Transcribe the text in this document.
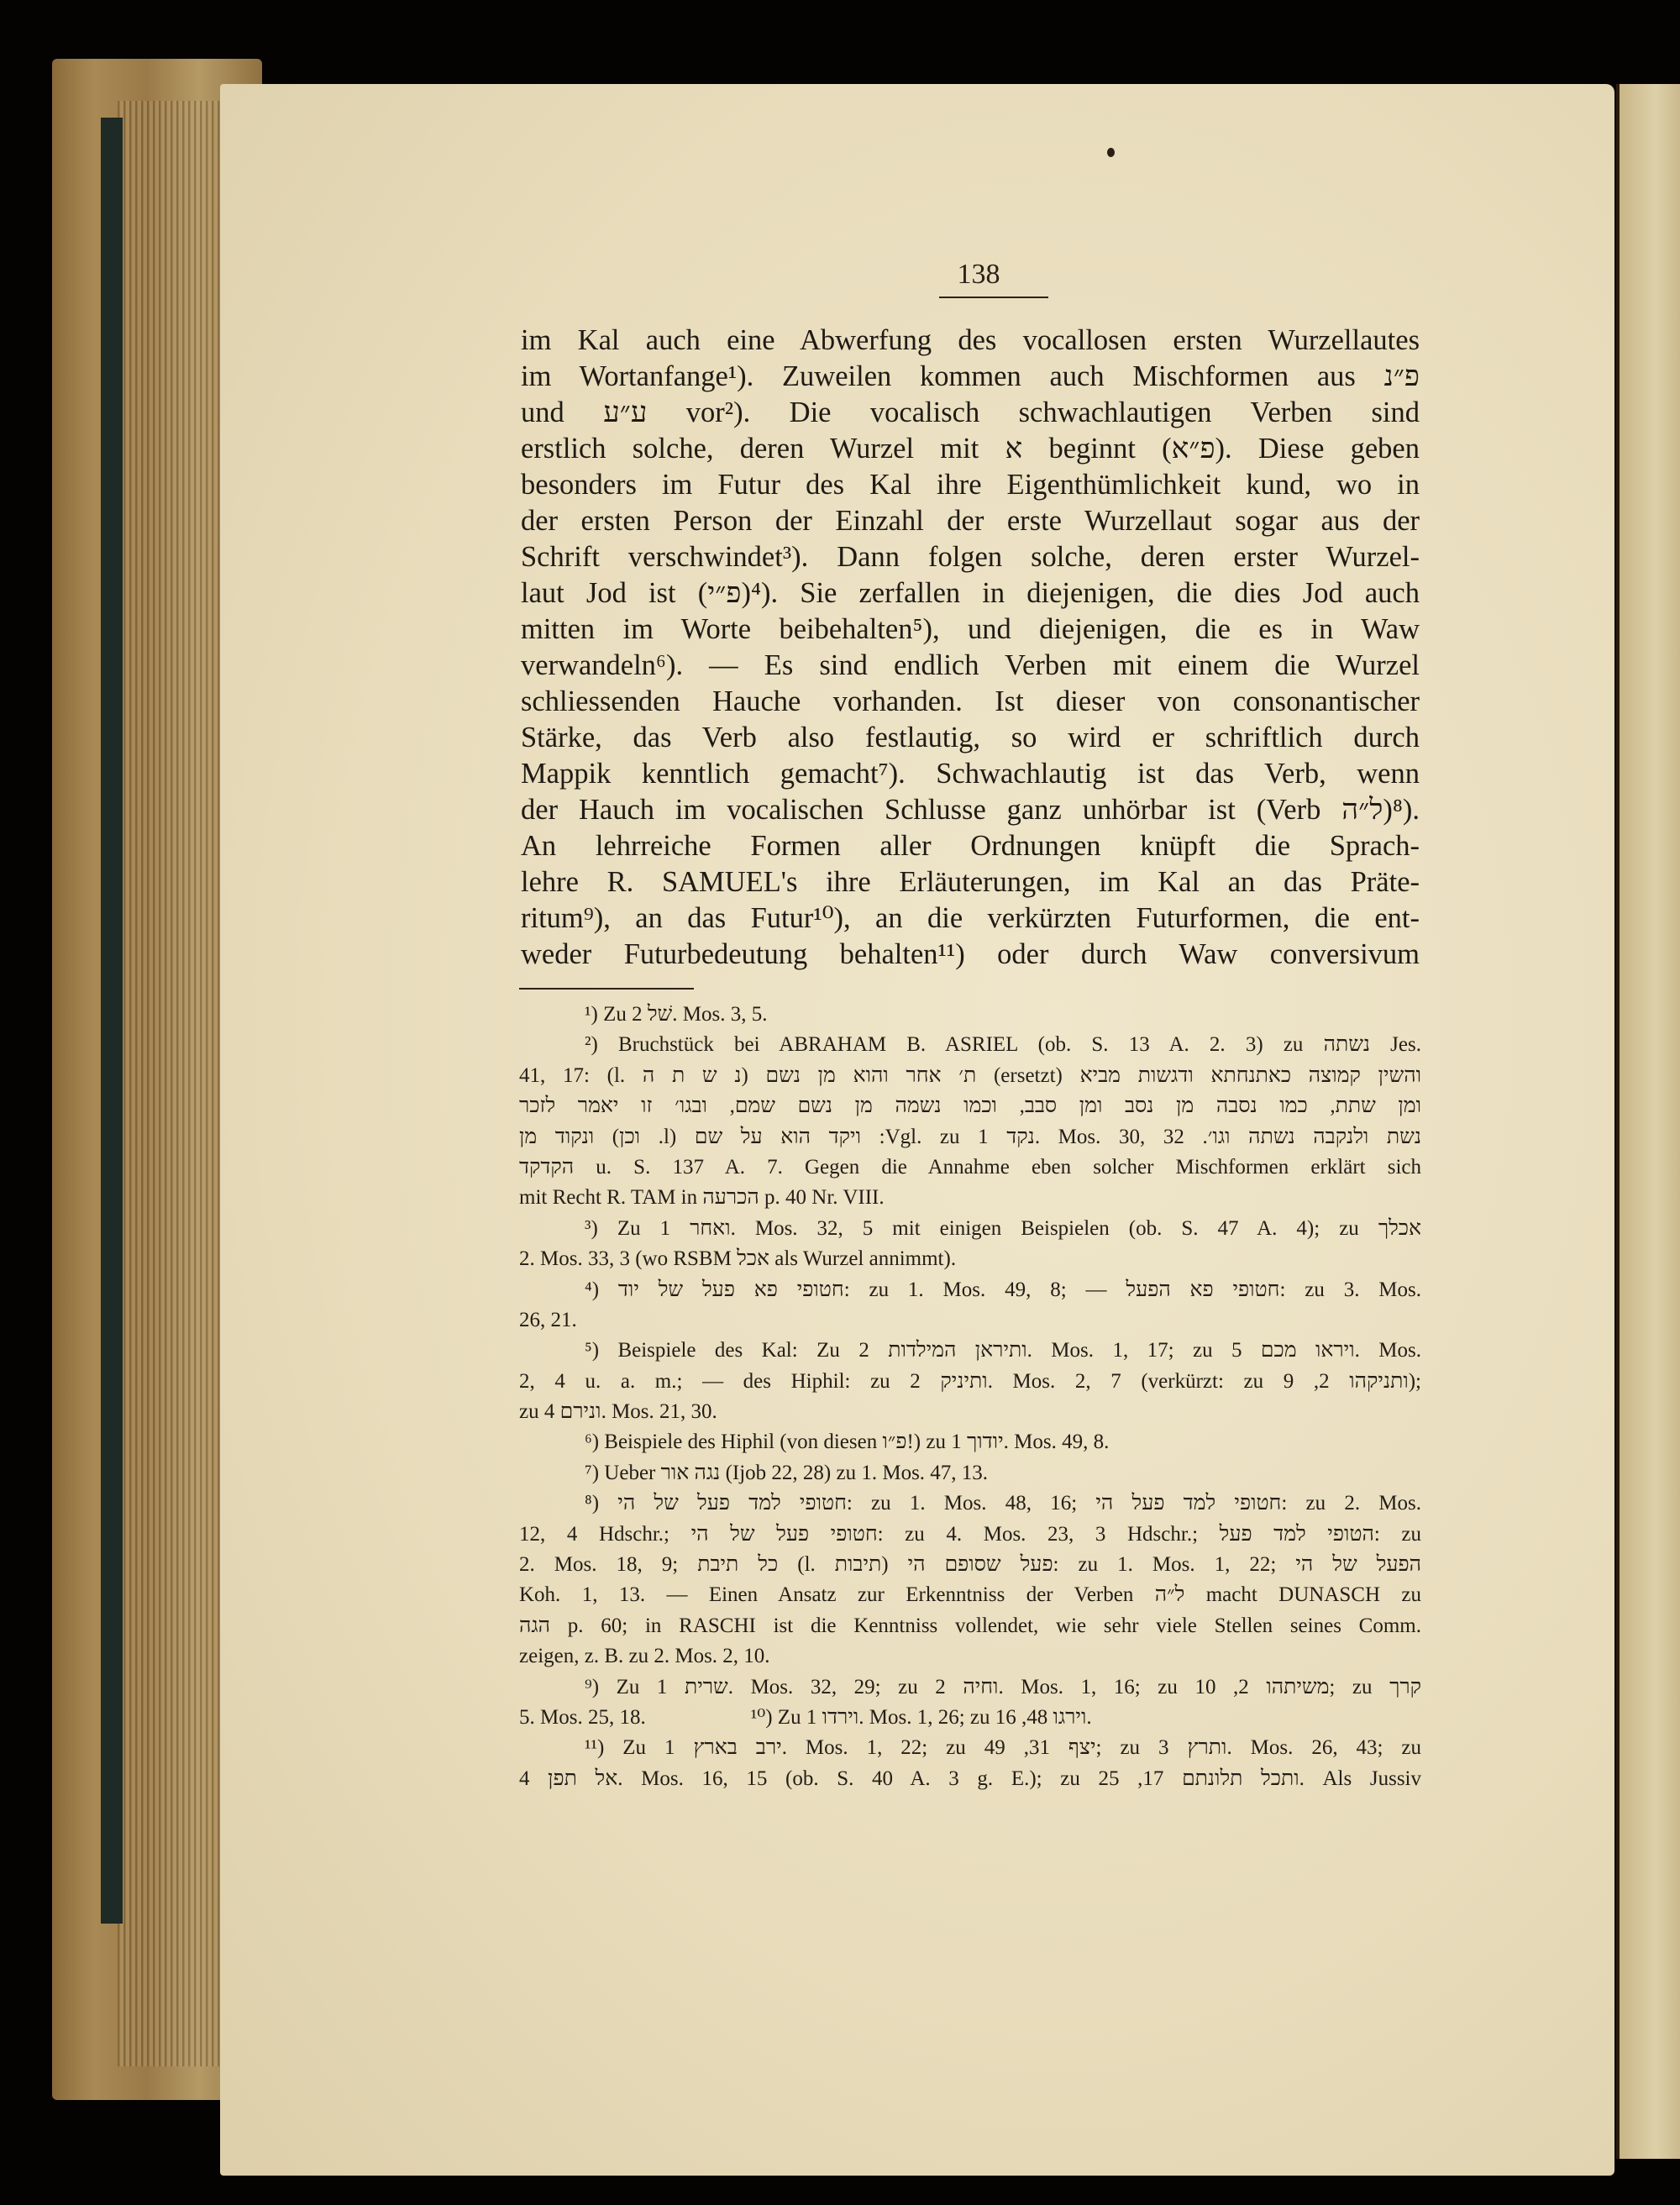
138
im Kal auch eine Abwerfung des vocallosen ersten Wurzellautes
im Wortanfange¹). Zuweilen kommen auch Mischformen aus פ״נ
und ע״ע vor²). Die vocalisch schwachlautigen Verben sind
erstlich solche, deren Wurzel mit א beginnt (פ״א). Diese geben
besonders im Futur des Kal ihre Eigenthümlichkeit kund, wo in
der ersten Person der Einzahl der erste Wurzellaut sogar aus der
Schrift verschwindet³). Dann folgen solche, deren erster Wurzel-
laut Jod ist (פ״י)⁴). Sie zerfallen in diejenigen, die dies Jod auch
mitten im Worte beibehalten⁵), und diejenigen, die es in Waw
verwandeln⁶). — Es sind endlich Verben mit einem die Wurzel
schliessenden Hauche vorhanden. Ist dieser von consonantischer
Stärke, das Verb also festlautig, so wird er schriftlich durch
Mappik kenntlich gemacht⁷). Schwachlautig ist das Verb, wenn
der Hauch im vocalischen Schlusse ganz unhörbar ist (Verb ל״ה)⁸).
An lehrreiche Formen aller Ordnungen knüpft die Sprach-
lehre R. SAMUEL's ihre Erläuterungen, im Kal an das Präte-
ritum⁹), an das Futur¹⁰), an die verkürzten Futurformen, die ent-
weder Futurbedeutung behalten¹¹) oder durch Waw conversivum
¹) Zu שׁל 2. Mos. 3, 5.
²) Bruchstück bei ABRAHAM B. ASRIEL (ob. S. 13 A. 2. 3) zu נשתה Jes.
41, 17: (l. נ ש ת ה) ת׳ אחר והוא מן נשם (ersetzt) והשין קמוצה כאתנחתא ודגשות מביא
ומן שתת, כמו נסבה מן נסב ומן סבב, וכמו נשמה מן נשם שמם, ובגו׳ זו יאמר לזכר
ונקוד מן (וכן .l) ויקד הוא על שם :Vgl. zu נקד 1. Mos. 30, 32 .נשת ולנקבה נשתה וגו׳
הקדקד u. S. 137 A. 7. Gegen die Annahme eben solcher Mischformen erklärt sich
mit Recht R. TAM in הכרעה p. 40 Nr. VIII.
³) Zu ואחר 1. Mos. 32, 5 mit einigen Beispielen (ob. S. 47 A. 4); zu אכלך
2. Mos. 33, 3 (wo RSBM אכל als Wurzel annimmt).
⁴) חטופי פא פעל של יוד: zu 1. Mos. 49, 8; — חטופי פא הפעל: zu 3. Mos.
26, 21.
⁵) Beispiele des Kal: Zu ותיראן המילדות 2. Mos. 1, 17; zu ויראו מכם 5. Mos.
2, 4 u. a. m.; — des Hiphil: zu ותיניק 2. Mos. 2, 7 (verkürzt: zu ותניקהו 2, 9);
zu ונירם 4. Mos. 21, 30.
⁶) Beispiele des Hiphil (von diesen פ״ו!) zu יודוך 1. Mos. 49, 8.
⁷) Ueber נגה אור (Ijob 22, 28) zu 1. Mos. 47, 13.
⁸) חטופי למד פעל של הי: zu 1. Mos. 48, 16; חטופי למד פעל הי: zu 2. Mos.
12, 4 Hdschr.; חטופי פעל של הי: zu 4. Mos. 23, 3 Hdschr.; הטופי למד פעל: zu
2. Mos. 18, 9; כל תיבת (l. תיבות) פעל שסופם הי: zu 1. Mos. 1, 22; הפעל של הי
Koh. 1, 13. — Einen Ansatz zur Erkenntniss der Verben ל״ה macht DUNASCH zu
הגה p. 60; in RASCHI ist die Kenntniss vollendet, wie sehr viele Stellen seines Comm.
zeigen, z. B. zu 2. Mos. 2, 10.
⁹) Zu שרית 1. Mos. 32, 29; zu וחיה 2. Mos. 1, 16; zu משיתהו 2, 10; zu קרך
5. Mos. 25, 18.                    ¹⁰) Zu וירדו 1. Mos. 1, 26; zu וירגו 48, 16.
¹¹) Zu ירב בארץ 1. Mos. 1, 22; zu יצף 31, 49; zu ותרץ 3. Mos. 26, 43; zu
אל תפן 4. Mos. 16, 15 (ob. S. 40 A. 3 g. E.); zu ותכל תלונתם 17, 25. Als Jussiv
